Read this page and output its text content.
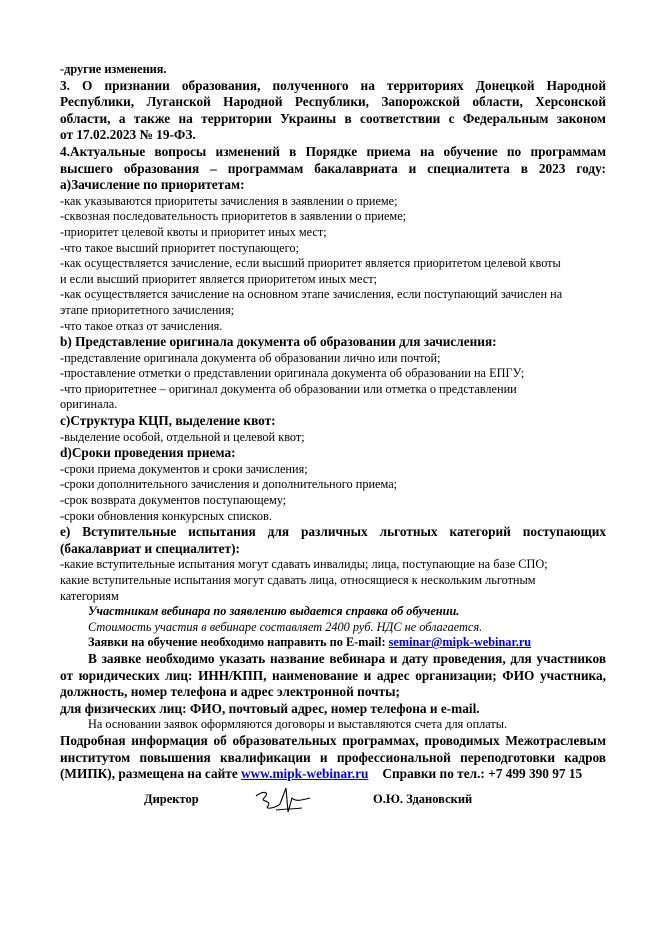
-другие изменения.
3. О признании образования, полученного на территориях Донецкой Народной
Республики, Луганской Народной Республики, Запорожской области, Херсонской
области, а также на территории Украины в соответствии с Федеральным законом
от 17.02.2023 № 19-ФЗ.
4.Актуальные вопросы изменений в Порядке приема на обучение по программам
высшего образования – программам бакалавриата и специалитета в 2023 году:
а)Зачисление по приоритетам:
-как указываются приоритеты зачисления в заявлении о приеме;
-сквозная последовательность приоритетов в заявлении о приеме;
-приоритет целевой квоты и приоритет иных мест;
-что такое высший приоритет поступающего;
-как осуществляется зачисление, если высший приоритет является приоритетом целевой квоты
и если высший приоритет является приоритетом иных мест;
-как осуществляется зачисление на основном этапе зачисления, если поступающий зачислен на
этапе приоритетного зачисления;
-что такое отказ от зачисления.
b) Представление оригинала документа об образовании для зачисления:
-представление оригинала документа об образовании лично или почтой;
-проставление отметки о представлении оригинала документа об образовании на ЕПГУ;
-что приоритетнее – оригинал документа об образовании или отметка о представлении
оригинала.
c)Структура КЦП, выделение квот:
-выделение особой, отдельной и целевой квот;
d)Сроки проведения приема:
-сроки приема документов и сроки зачисления;
-сроки дополнительного зачисления и дополнительного приема;
-срок возврата документов поступающему;
-сроки обновления конкурсных списков.
e) Вступительные испытания для различных льготных категорий поступающих
(бакалавриат и специалитет):
-какие вступительные испытания могут сдавать инвалиды; лица, поступающие на базе СПО;
какие вступительные испытания могут сдавать лица, относящиеся к нескольким льготным
категориям
Участникам вебинара по заявлению выдается справка об обучении.
Стоимость участия в вебинаре составляет 2400 руб. НДС не облагается.
Заявки на обучение необходимо направить по E-mail: seminar@mipk-webinar.ru
В заявке необходимо указать название вебинара и дату проведения, для участников
от юридических лиц: ИНН/КПП, наименование и адрес организации; ФИО участника,
должность, номер телефона и адрес электронной почты;
для физических лиц: ФИО, почтовый адрес, номер телефона и e-mail.
На основании заявок оформляются договоры и выставляются счета для оплаты.
Подробная информация об образовательных программах, проводимых Межотраслевым
институтом повышения квалификации и профессиональной переподготовки кадров
(МИПК), размещена на сайте www.mipk-webinar.ru Справки по тел.: +7 499 390 97 15
Директор	О.Ю. Здановский
